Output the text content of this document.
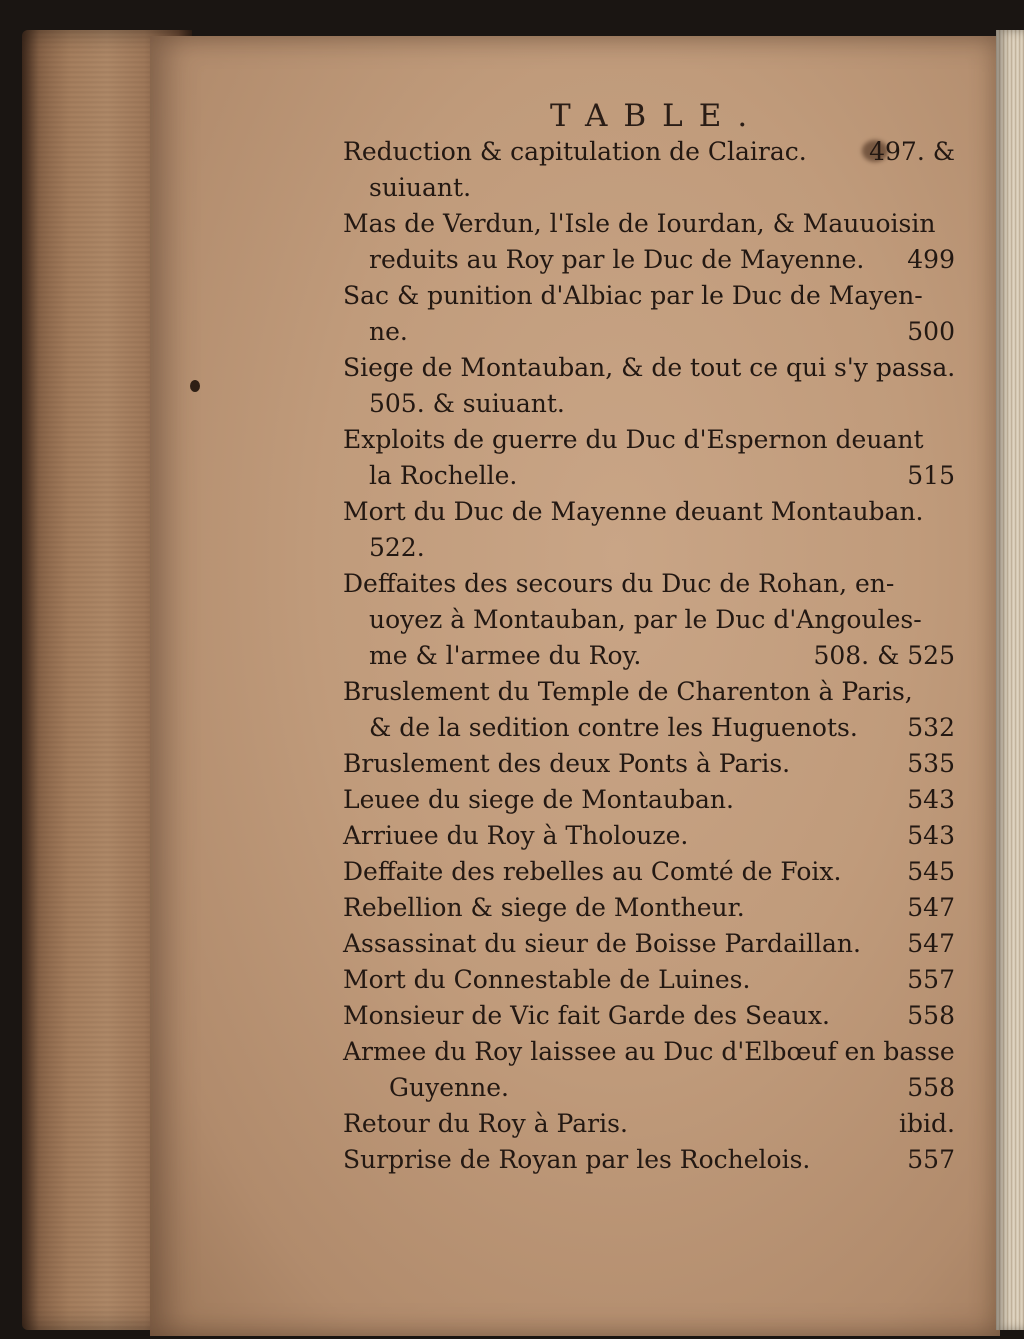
TABLE.
Reduction & capitulation de Clairac. 497. &
suiuant.
Mas de Verdun, l'Isle de Iourdan, & Mauuoisin
reduits au Roy par le Duc de Mayenne. 499
Sac & punition d'Albiac par le Duc de Mayen-
ne.	500
Siege de Montauban, & de tout ce qui s'y passa.
505. & suiuant.
Exploits de guerre du Duc d'Espernon deuant
la Rochelle.	515
Mort du Duc de Mayenne deuant Montauban.
522.
Deffaites des secours du Duc de Rohan, en-
uoyez à Montauban, par le Duc d'Angoules-
me & l'armee du Roy.	508. & 525
Bruslement du Temple de Charenton à Paris,
& de la sedition contre les Huguenots. 532
Bruslement des deux Ponts à Paris.	535
Leuee du siege de Montauban.	543
Arriuee du Roy à Tholouze.	543
Deffaite des rebelles au Comté de Foix.	545
Rebellion & siege de Montheur.	547
Assassinat du sieur de Boisse Pardaillan. 547
Mort du Connestable de Luines.	557
Monsieur de Vic fait Garde des Seaux.	558
Armee du Roy laissee au Duc d'Elbœuf en basse
Guyenne.	558
Retour du Roy à Paris.	ibid.
Surprise de Royan par les Rochelois.	557
